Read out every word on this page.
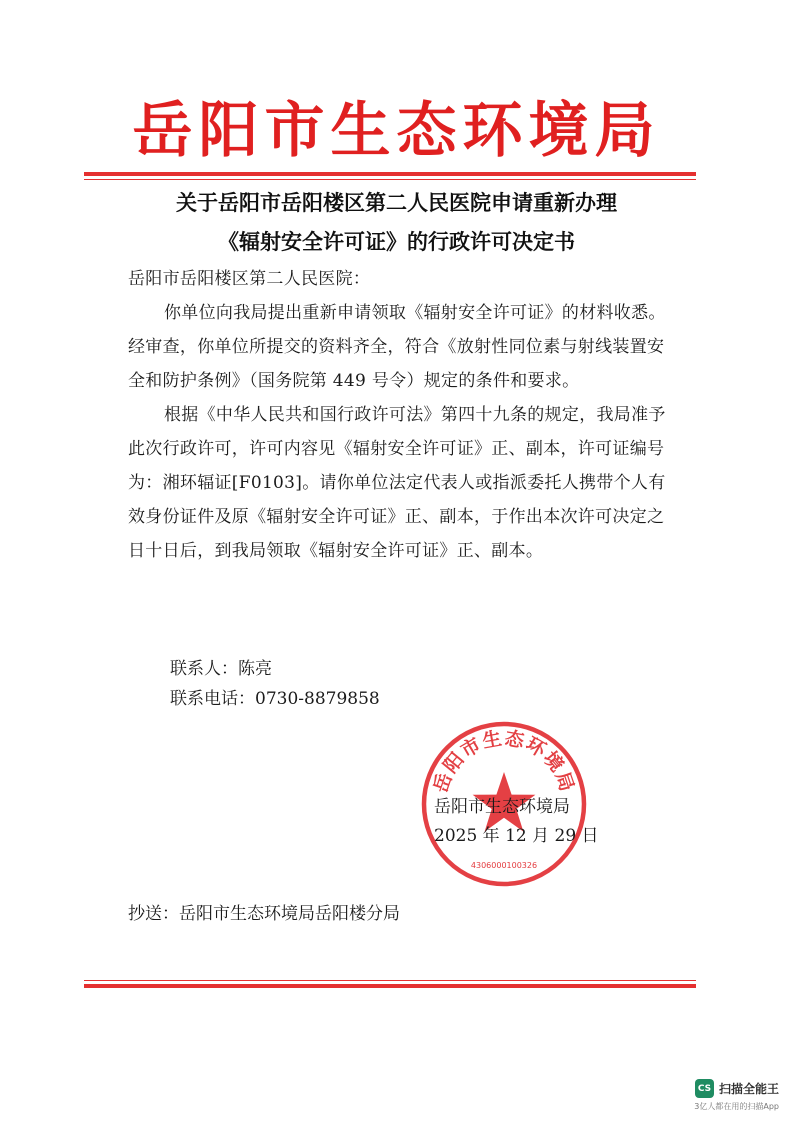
岳阳市生态环境局
关于岳阳市岳阳楼区第二人民医院申请重新办理
《辐射安全许可证》的行政许可决定书

岳阳市岳阳楼区第二人民医院：

你单位向我局提出重新申请领取《辐射安全许可证》的材料收悉。经审查，你单位所提交的资料齐全，符合《放射性同位素与射线装置安全和防护条例》（国务院第 449 号令）规定的条件和要求。

根据《中华人民共和国行政许可法》第四十九条的规定，我局准予此次行政许可，许可内容见《辐射安全许可证》正、副本，许可证编号为：湘环辐证[F0103]。请你单位法定代表人或指派委托人携带个人有效身份证件及原《辐射安全许可证》正、副本，于作出本次许可决定之日十日后，到我局领取《辐射安全许可证》正、副本。

联系人：陈亮
联系电话：0730-8879858
岳阳市生态环境局
4306000100326
岳阳市生态环境局
2025 年 12 月 29 日
抄送：岳阳市生态环境局岳阳楼分局
CS 扫描全能王
3亿人都在用的扫描App
